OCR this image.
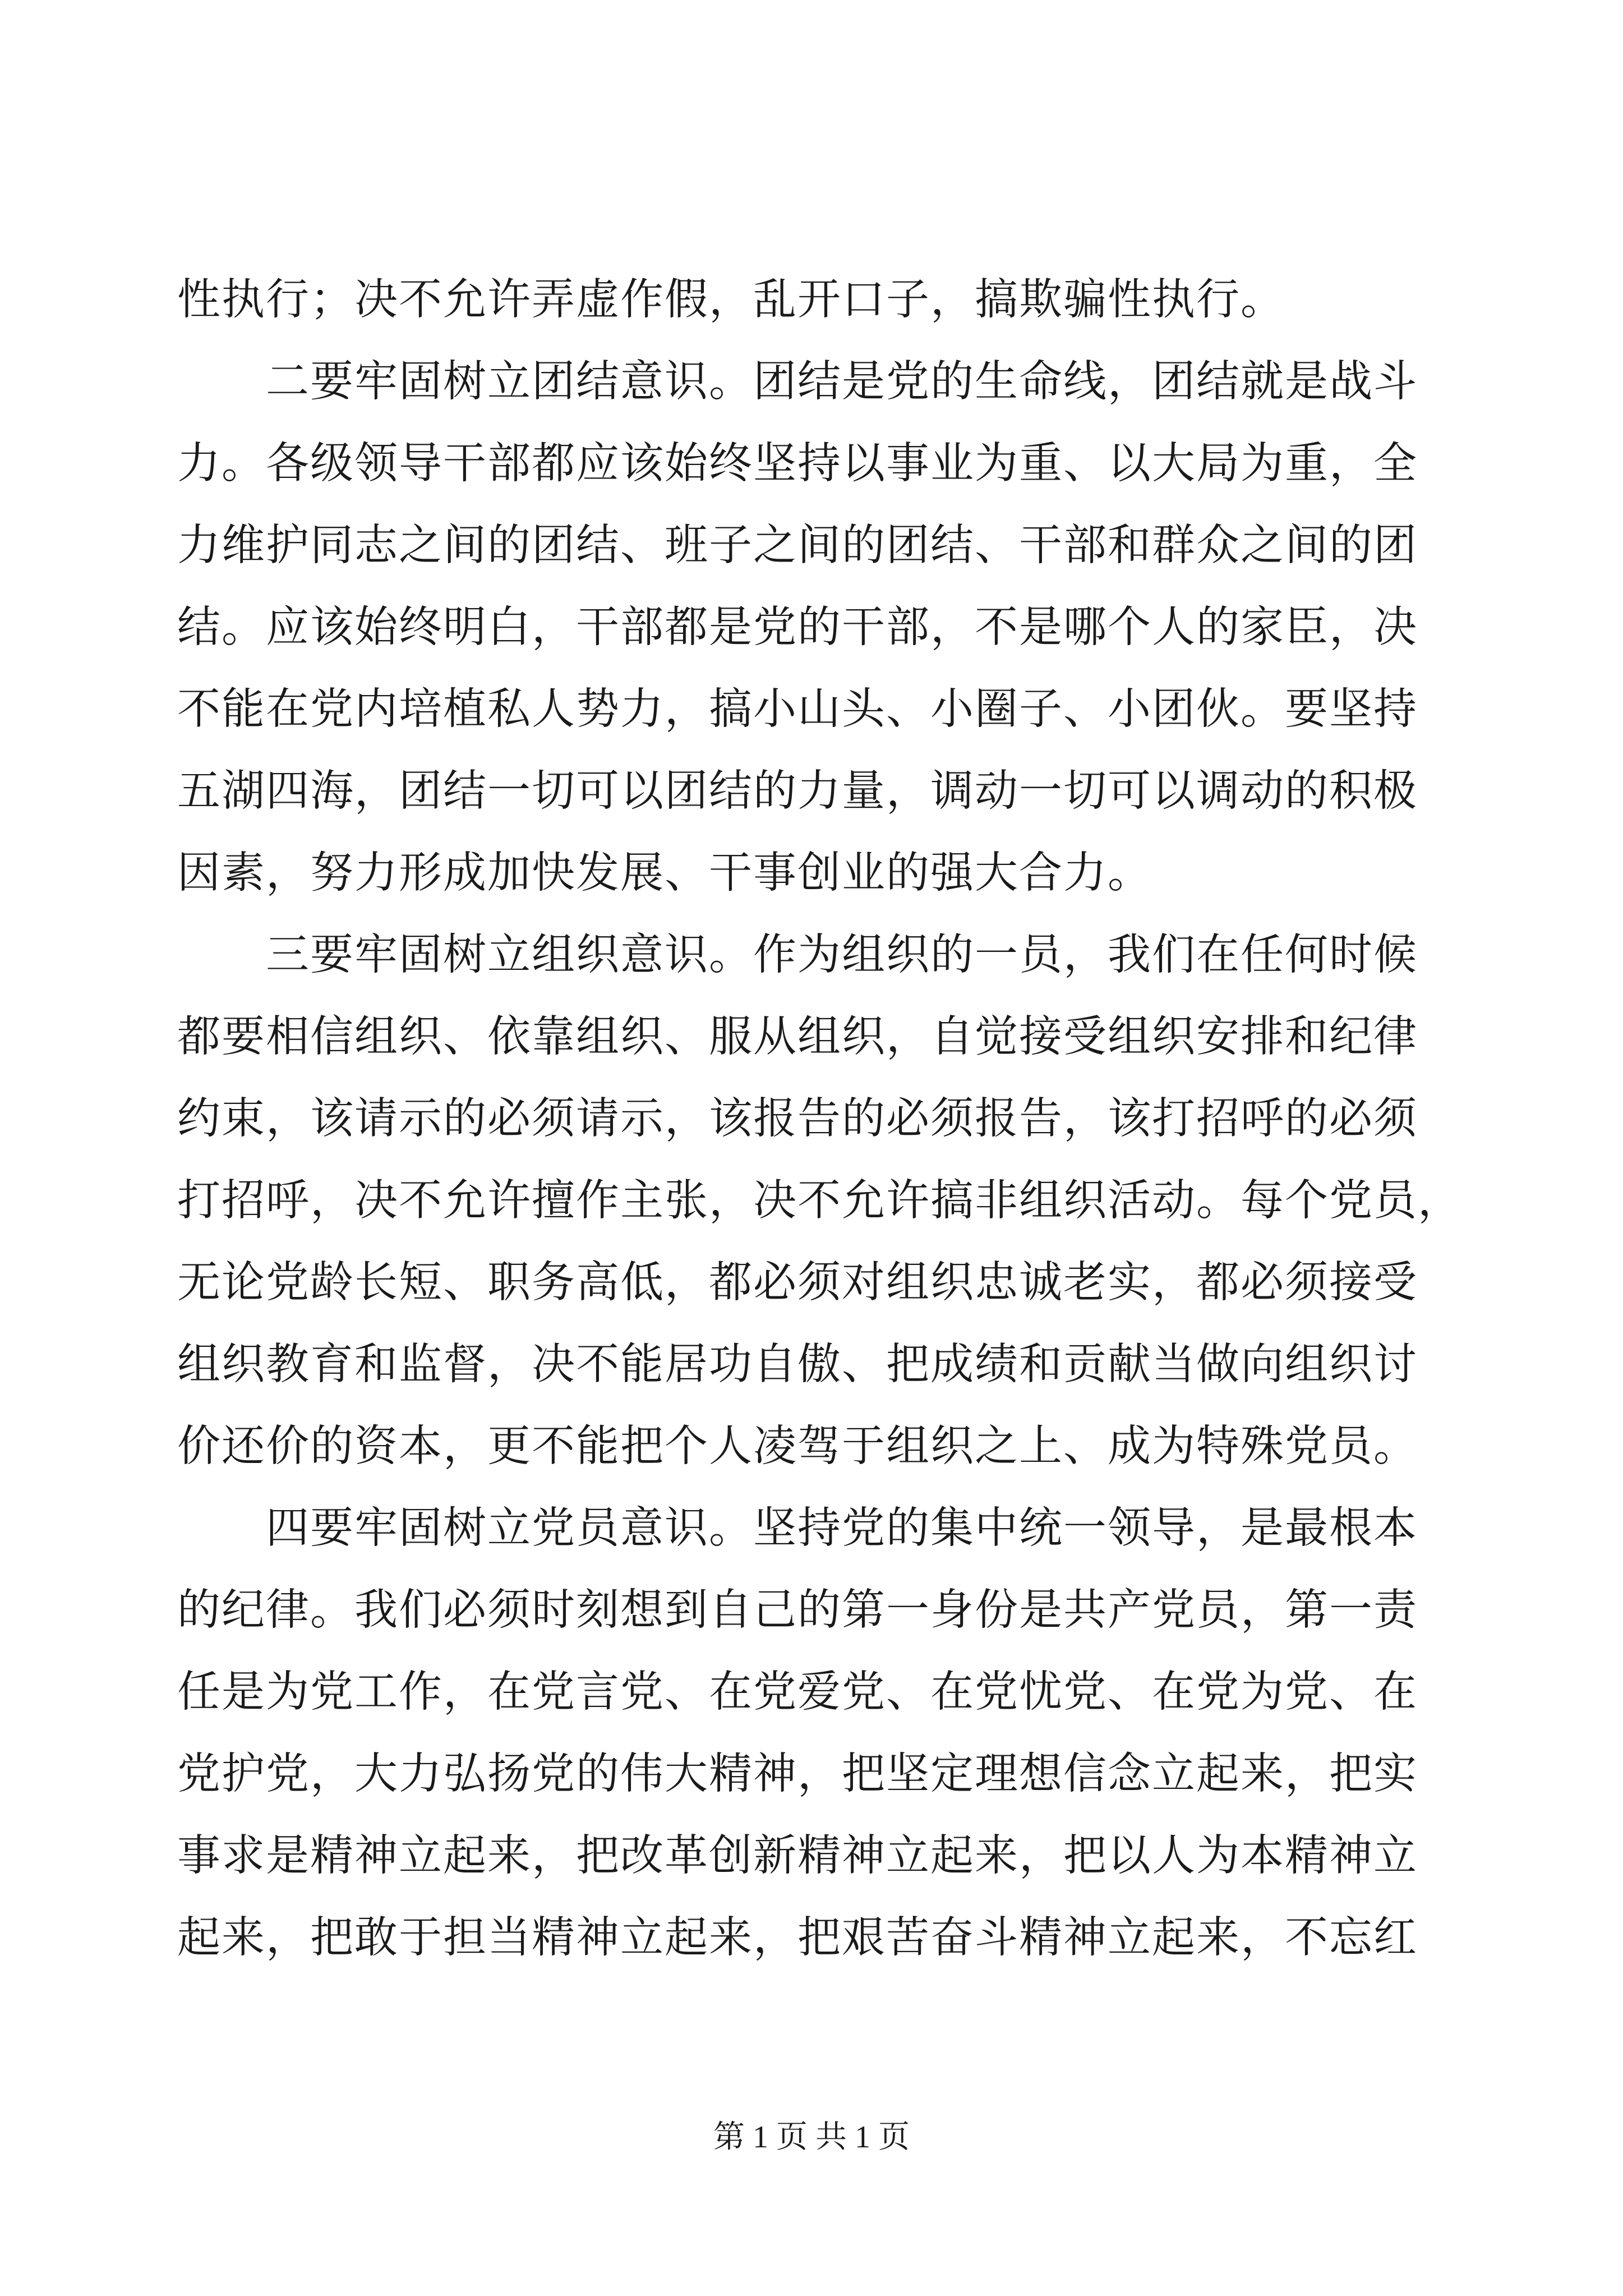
性执行；决不允许弄虚作假，乱开口子，搞欺骗性执行。
　　二要牢固树立团结意识。团结是党的生命线，团结就是战斗
力。各级领导干部都应该始终坚持以事业为重、以大局为重，全
力维护同志之间的团结、班子之间的团结、干部和群众之间的团
结。应该始终明白，干部都是党的干部，不是哪个人的家臣，决
不能在党内培植私人势力，搞小山头、小圈子、小团伙。要坚持
五湖四海，团结一切可以团结的力量，调动一切可以调动的积极
因素，努力形成加快发展、干事创业的强大合力。
　　三要牢固树立组织意识。作为组织的一员，我们在任何时候
都要相信组织、依靠组织、服从组织，自觉接受组织安排和纪律
约束，该请示的必须请示，该报告的必须报告，该打招呼的必须
打招呼，决不允许擅作主张，决不允许搞非组织活动。每个党员，
无论党龄长短、职务高低，都必须对组织忠诚老实，都必须接受
组织教育和监督，决不能居功自傲、把成绩和贡献当做向组织讨
价还价的资本，更不能把个人凌驾于组织之上、成为特殊党员。
　　四要牢固树立党员意识。坚持党的集中统一领导，是最根本
的纪律。我们必须时刻想到自己的第一身份是共产党员，第一责
任是为党工作，在党言党、在党爱党、在党忧党、在党为党、在
党护党，大力弘扬党的伟大精神，把坚定理想信念立起来，把实
事求是精神立起来，把改革创新精神立起来，把以人为本精神立
起来，把敢于担当精神立起来，把艰苦奋斗精神立起来，不忘红
第 1 页 共 1 页
